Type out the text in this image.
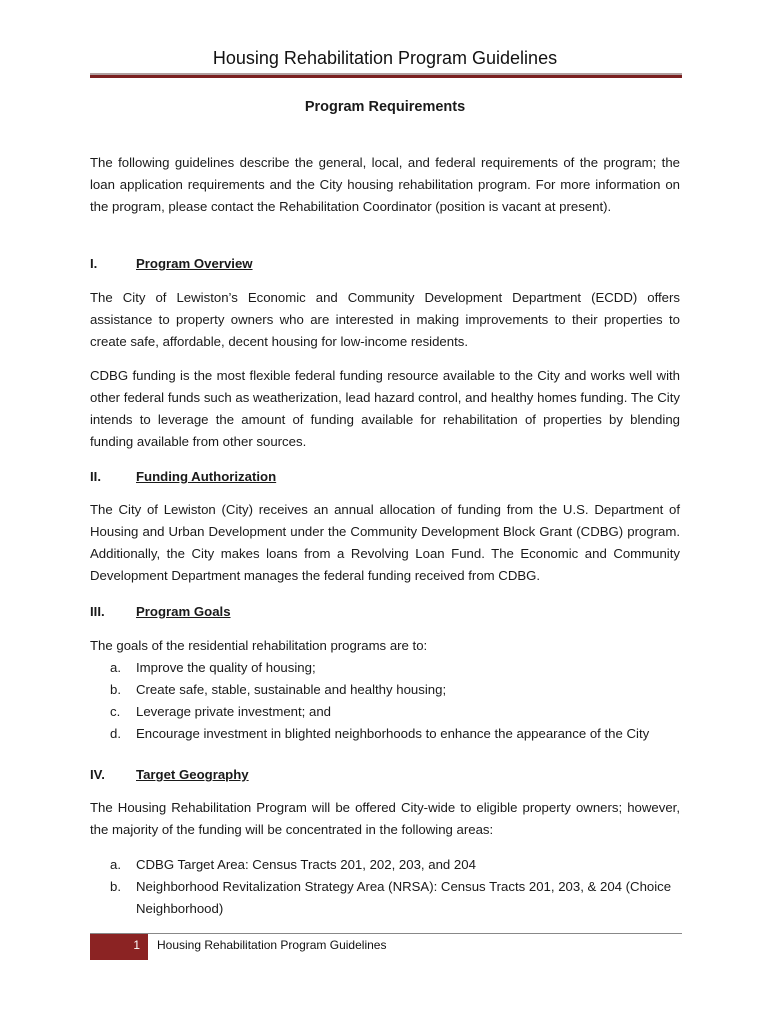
Housing Rehabilitation Program Guidelines
Program Requirements

The following guidelines describe the general, local, and federal requirements of the program; the loan application requirements and the City housing rehabilitation program. For more information on the program, please contact the Rehabilitation Coordinator (position is vacant at present).

I.	Program Overview

The City of Lewiston’s Economic and Community Development Department (ECDD) offers assistance to property owners who are interested in making improvements to their properties to create safe, affordable, decent housing for low-income residents.

CDBG funding is the most flexible federal funding resource available to the City and works well with other federal funds such as weatherization, lead hazard control, and healthy homes funding. The City intends to leverage the amount of funding available for rehabilitation of properties by blending funding available from other sources.

II.	Funding Authorization

The City of Lewiston (City) receives an annual allocation of funding from the U.S. Department of Housing and Urban Development under the Community Development Block Grant (CDBG) program. Additionally, the City makes loans from a Revolving Loan Fund. The Economic and Community Development Department manages the federal funding received from CDBG.

III. Program Goals

The goals of the residential rehabilitation programs are to:

a. Improve the quality of housing;
b. Create safe, stable, sustainable and healthy housing;
c. Leverage private investment; and
d. Encourage investment in blighted neighborhoods to enhance the appearance of the City
IV. Target Geography

The Housing Rehabilitation Program will be offered City-wide to eligible property owners; however, the majority of the funding will be concentrated in the following areas:

a. CDBG Target Area: Census Tracts 201, 202, 203, and 204
b. Neighborhood Revitalization Strategy Area (NRSA): Census Tracts 201, 203, & 204 (Choice Neighborhood)
1	Housing Rehabilitation Program Guidelines
